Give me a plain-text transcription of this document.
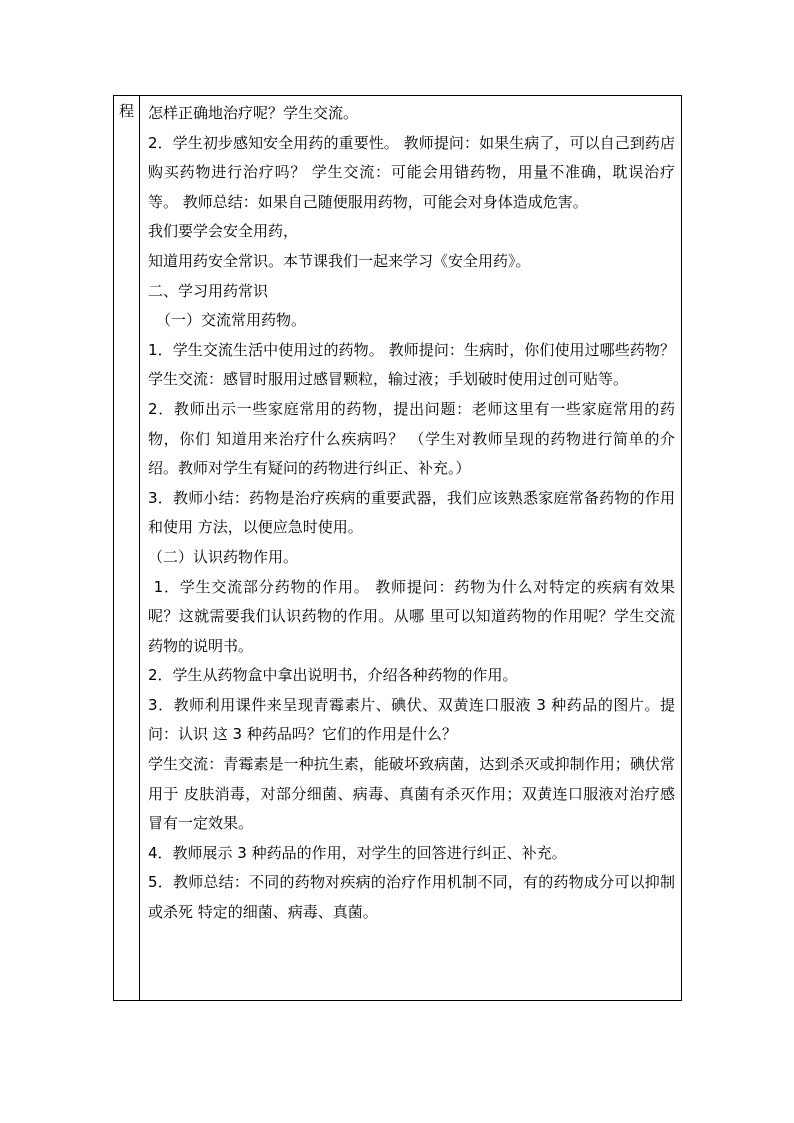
程	怎样正确地治疗呢？学生交流。

2．学生初步感知安全用药的重要性。 教师提问：如果生病了，可以自己到药店购买药物进行治疗吗？ 学生交流：可能会用错药物，用量不准确，耽误治疗等。 教师总结：如果自己随便服用药物，可能会对身体造成危害。

我们要学会安全用药，

知道用药安全常识。本节课我们一起来学习《安全用药》。

二、学习用药常识

（一）交流常用药物。

1．学生交流生活中使用过的药物。 教师提问：生病时，你们使用过哪些药物？ 学生交流：感冒时服用过感冒颗粒，输过液；手划破时使用过创可贴等。

2．教师出示一些家庭常用的药物，提出问题：老师这里有一些家庭常用的药物，你们 知道用来治疗什么疾病吗？ （学生对教师呈现的药物进行简单的介绍。教师对学生有疑问的药物进行纠正、补充。）

3．教师小结：药物是治疗疾病的重要武器，我们应该熟悉家庭常备药物的作用和使用 方法，以便应急时使用。

（二）认识药物作用。

1．学生交流部分药物的作用。 教师提问：药物为什么对特定的疾病有效果呢？这就需要我们认识药物的作用。从哪 里可以知道药物的作用呢？学生交流药物的说明书。

2．学生从药物盒中拿出说明书，介绍各种药物的作用。

3．教师利用课件来呈现青霉素片、碘伏、双黄连口服液 3 种药品的图片。提问：认识 这 3 种药品吗？它们的作用是什么？

学生交流：青霉素是一种抗生素，能破坏致病菌，达到杀灭或抑制作用；碘伏常用于 皮肤消毒，对部分细菌、病毒、真菌有杀灭作用；双黄连口服液对治疗感冒有一定效果。

4．教师展示 3 种药品的作用，对学生的回答进行纠正、补充。

5．教师总结：不同的药物对疾病的治疗作用机制不同，有的药物成分可以抑制或杀死 特定的细菌、病毒、真菌。
